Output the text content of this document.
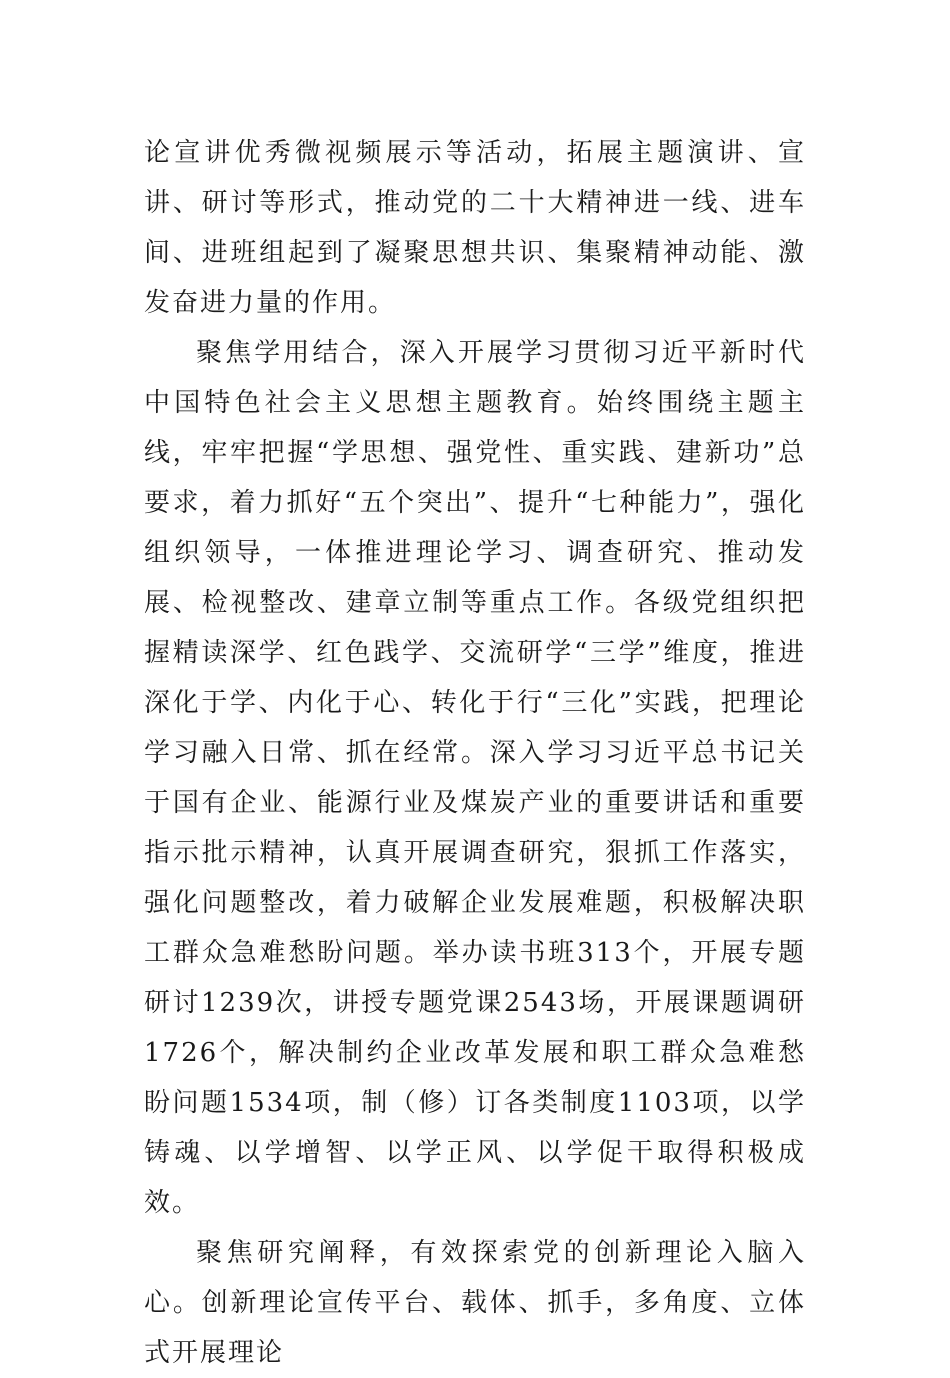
论宣讲优秀微视频展示等活动，拓展主题演讲、宣讲、研讨等形式，推动党的二十大精神进一线、进车间、进班组起到了凝聚思想共识、集聚精神动能、激发奋进力量的作用。

聚焦学用结合，深入开展学习贯彻习近平新时代中国特色社会主义思想主题教育。始终围绕主题主线，牢牢把握“学思想、强党性、重实践、建新功”总要求，着力抓好“五个突出”、提升“七种能力”，强化组织领导，一体推进理论学习、调查研究、推动发展、检视整改、建章立制等重点工作。各级党组织把握精读深学、红色践学、交流研学“三学”维度，推进深化于学、内化于心、转化于行“三化”实践，把理论学习融入日常、抓在经常。深入学习习近平总书记关于国有企业、能源行业及煤炭产业的重要讲话和重要指示批示精神，认真开展调查研究，狠抓工作落实，强化问题整改，着力破解企业发展难题，积极解决职工群众急难愁盼问题。举办读书班313个，开展专题研讨1239次，讲授专题党课2543场，开展课题调研1726个，解决制约企业改革发展和职工群众急难愁盼问题1534项，制（修）订各类制度1103项，以学铸魂、以学增智、以学正风、以学促干取得积极成效。

聚焦研究阐释，有效探索党的创新理论入脑入心。创新理论宣传平台、载体、抓手，多角度、立体式开展理论
